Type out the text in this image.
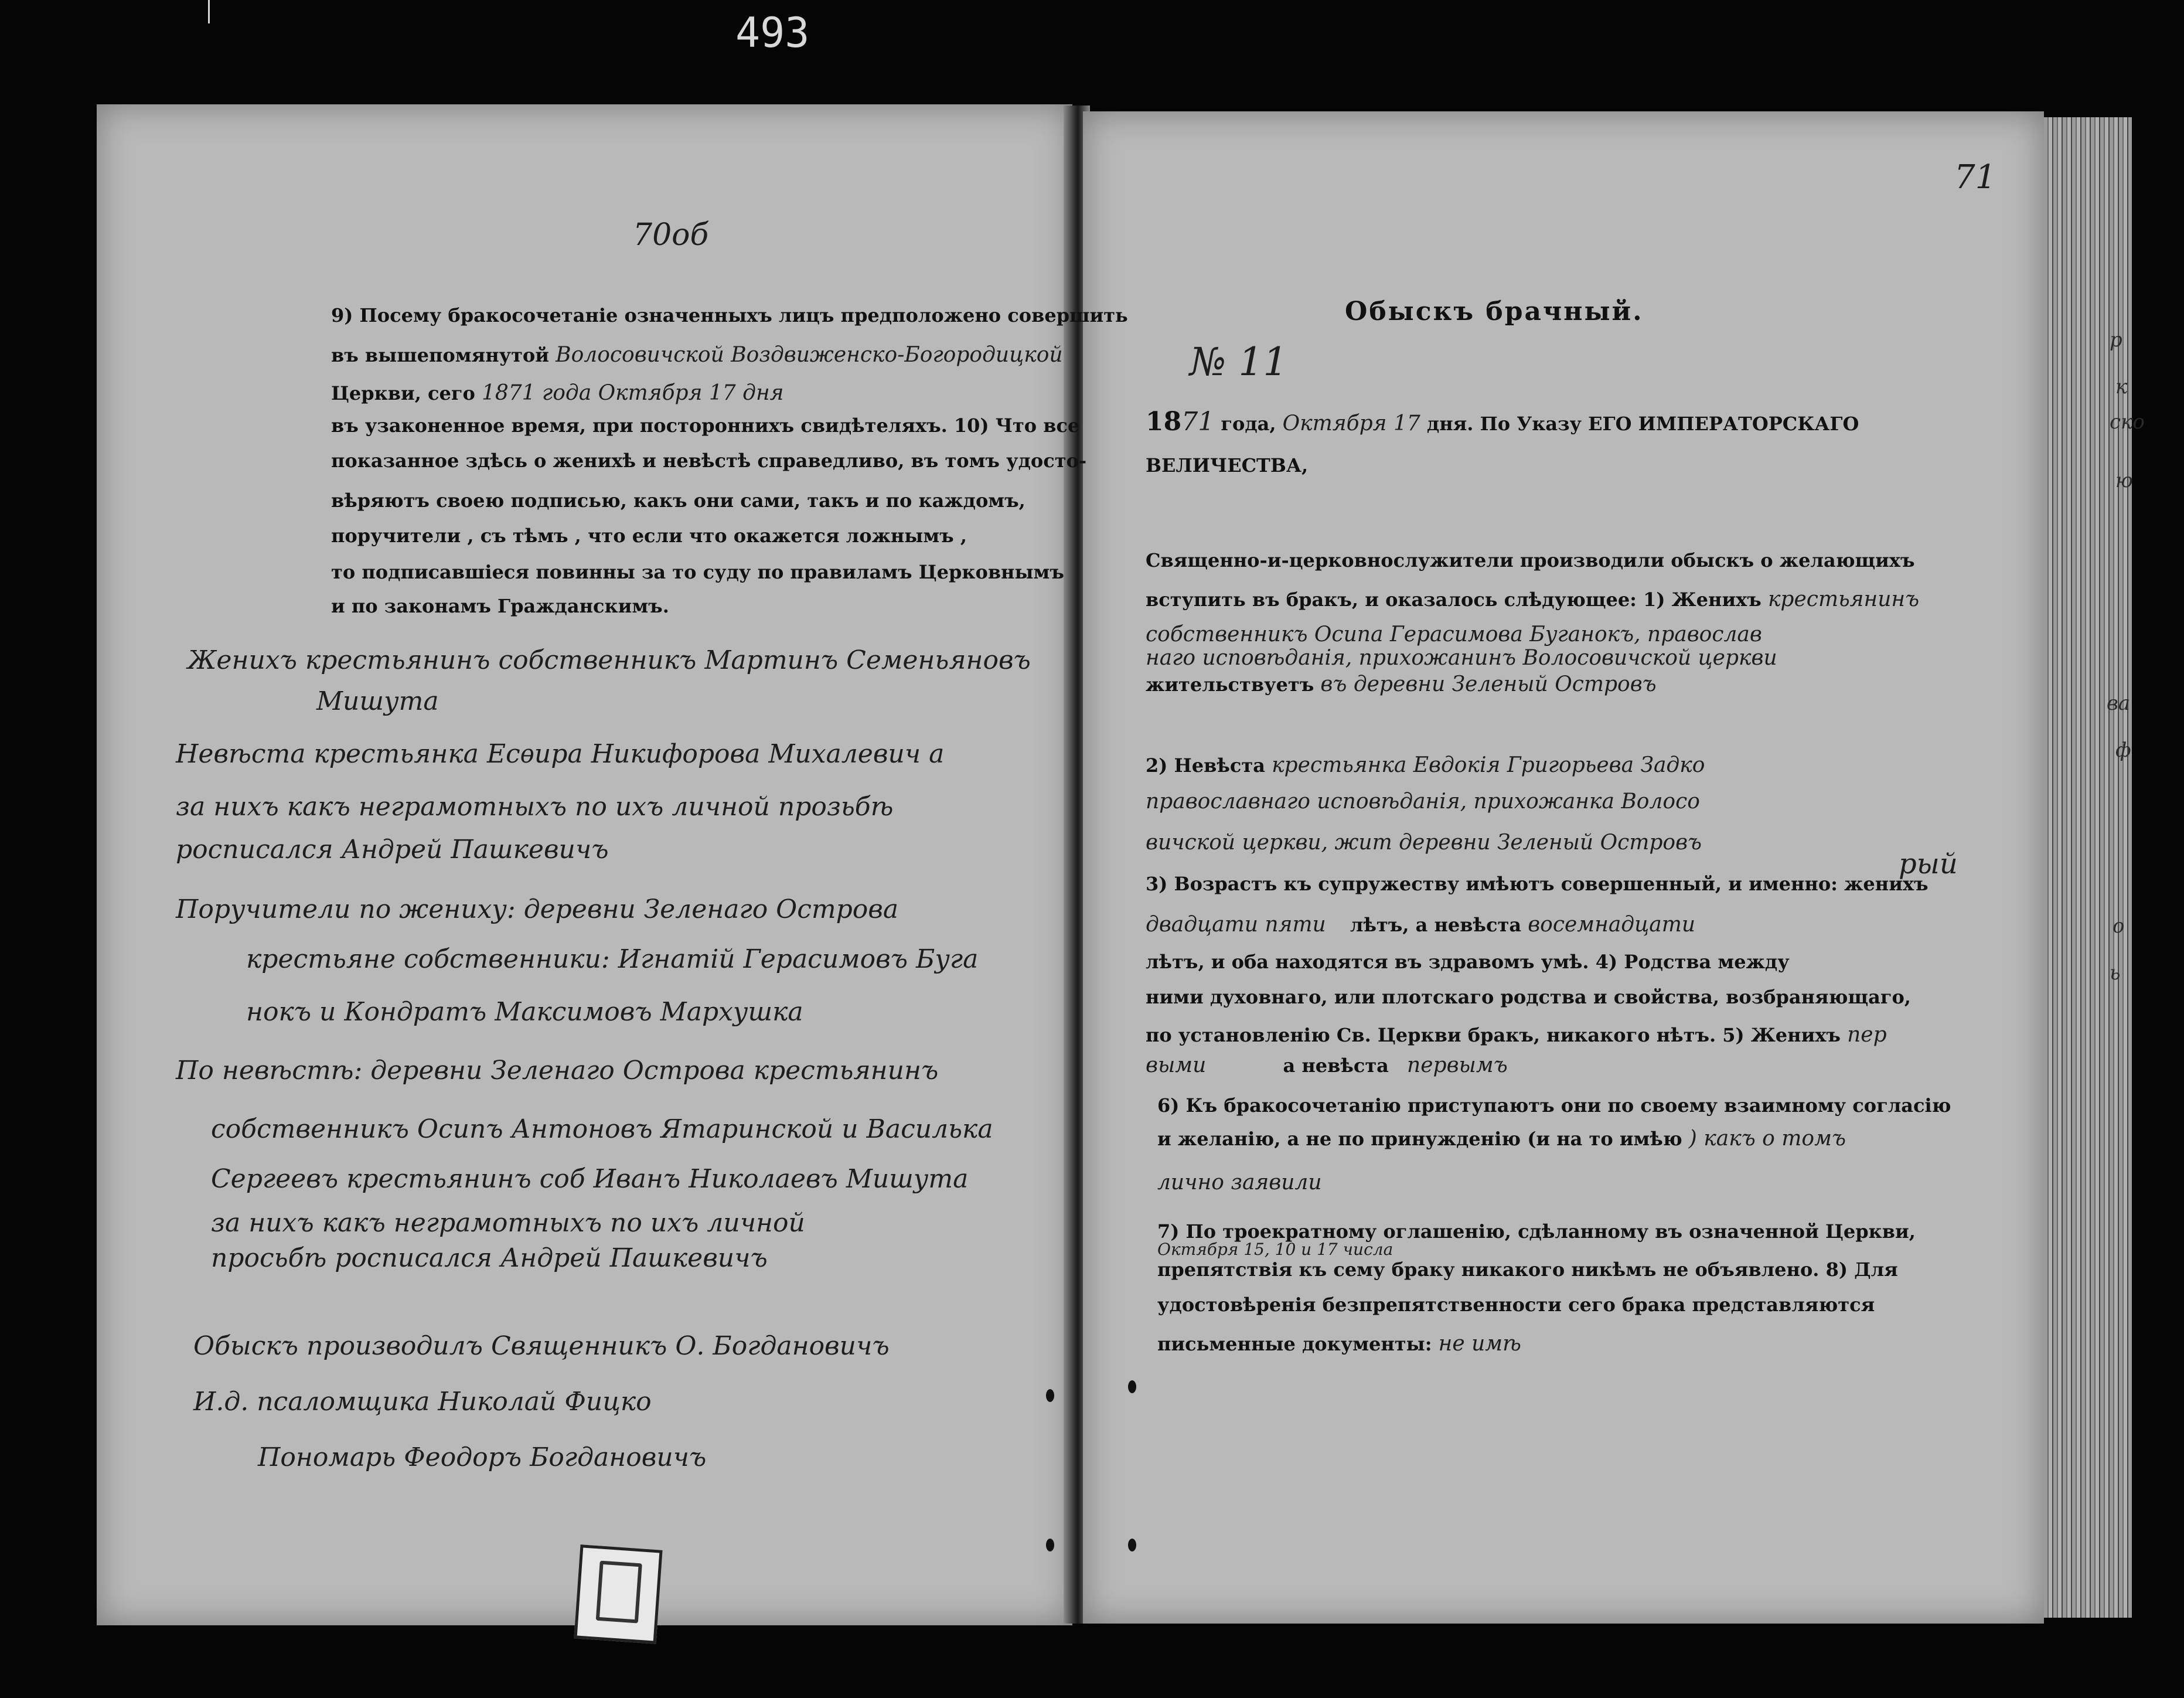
493
70об
9) Посему бракосочетаніе означенныхъ лицъ предположено совершить
въ вышепомянутой Волосовичской Воздвиженско-Богородицкой
Церкви, сего 1871 года Октября 17 дня
въ узаконенное время, при постороннихъ свидѣтеляхъ. 10) Что все
показанное здѣсь о женихѣ и невѣстѣ справедливо, въ томъ удосто-
вѣряютъ своею подписью, какъ они сами, такъ и по каждомъ,
поручители , съ тѣмъ , что если что окажется ложнымъ ,
то подписавшіеся повинны за то суду по правиламъ Церковнымъ
и по законамъ Гражданскимъ.
Женихъ крестьянинъ собственникъ Мартинъ Семеньяновъ
Мишута
Невѣста крестьянка Есѳира Никифорова Михалевич а
за нихъ какъ неграмотныхъ по ихъ личной прозьбѣ
росписался Андрей Пашкевичъ
Поручители по жениху: деревни Зеленаго Острова
крестьяне собственники: Игнатій Герасимовъ Буга
нокъ и Кондратъ Максимовъ Мархушка
По невѣстѣ: деревни Зеленаго Острова крестьянинъ
собственникъ Осипъ Антоновъ Ятаринской и Василька
Сергеевъ крестьянинъ соб Иванъ Николаевъ Мишута
за нихъ какъ неграмотныхъ по ихъ личной
просьбѣ росписался Андрей Пашкевичъ
Обыскъ производилъ Священникъ О. Богдановичъ
И.д. псаломщика Николай Фицко
Пономарь Феодоръ Богдановичъ
71
Обыскъ брачный.
№ 11
1871 года, Октября 17 дня. По Указу ЕГО ИМПЕРАТОРСКАГО
ВЕЛИЧЕСТВА,
Священно-и-церковнослужители производили обыскъ о желающихъ
вступить въ бракъ, и оказалось слѣдующее: 1) Женихъ крестьянинъ
собственникъ Осипа Герасимова Буганокъ, православ
наго исповѣданія, прихожанинъ Волосовичской церкви
жительствуетъ въ деревни Зеленый Островъ
2) Невѣста крестьянка Евдокія Григорьева Задко
православнаго исповѣданія, прихожанка Волосо
вичской церкви, жит деревни Зеленый Островъ
3) Возрастъ къ супружеству имѣютъ совершенный, и именно: женихъ
рый
двадцати пяти лѣтъ, а невѣста восемнадцати
лѣтъ, и оба находятся въ здравомъ умѣ. 4) Родства между
ними духовнаго, или плотскаго родства и свойства, возбраняющаго,
по установленію Св. Церкви бракъ, никакого нѣтъ. 5) Женихъ пер
выми	а невѣста первымъ
6) Къ бракосочетанію приступаютъ они по своему взаимному согласію
и желанію, а не по принужденію (и на то имѣю ) какъ о томъ
лично заявили
7) По троекратному оглашенію, сдѣланному въ означенной Церкви,
Октября 15, 10 и 17 числа
препятствія къ сему браку никакого никѣмъ не объявлено. 8) Для
удостовѣренія безпрепятственности сего брака представляются
письменные документы: не имѣ
р
к
ско
ю
ва
ф
о
ь
